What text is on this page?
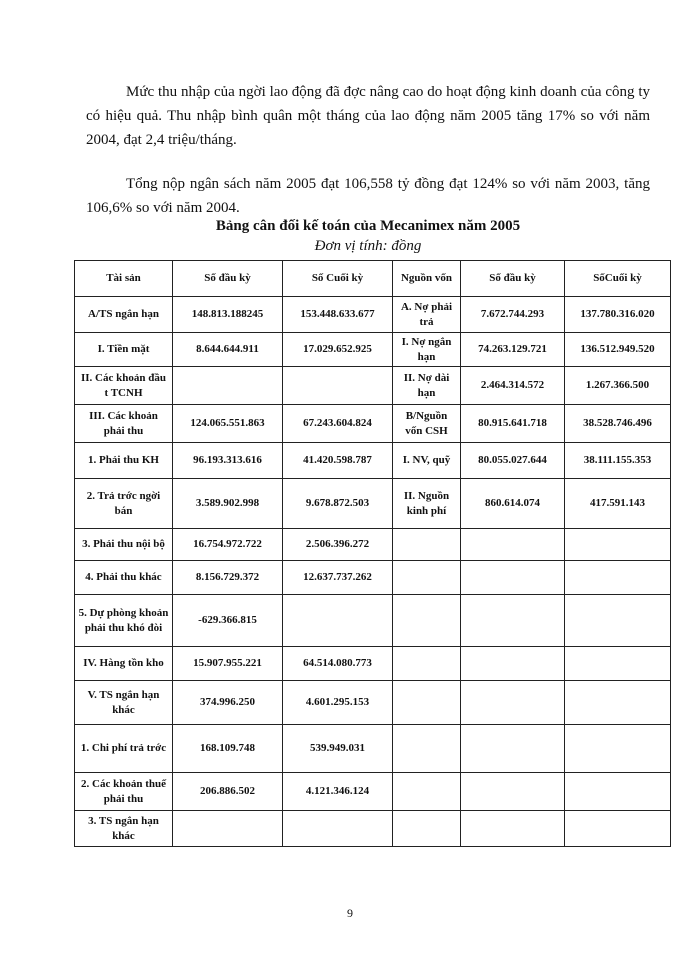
Mức thu nhập của ngời lao động đã đợc nâng cao do hoạt động kinh doanh của công ty có hiệu quả. Thu nhập bình quân một tháng của lao động năm 2005 tăng 17% so với năm 2004, đạt 2,4 triệu/tháng.

Tổng nộp ngân sách năm 2005 đạt 106,558 tỷ đồng đạt 124% so với năm 2003, tăng 106,6% so với năm 2004.

Bảng cân đối kế toán của Mecanimex năm 2005

Đơn vị tính: đồng

Tài sản	Số đầu kỳ	Số Cuối kỳ	Nguồn vốn	Số đầu kỳ	SốCuối kỳ
A/TS ngắn hạn	148.813.188245	153.448.633.677	A. Nợ phải trả	7.672.744.293	137.780.316.020
I. Tiền mặt	8.644.644.911	17.029.652.925	I. Nợ ngắn hạn	74.263.129.721	136.512.949.520
II. Các khoản đầu t TCNH			II. Nợ dài hạn	2.464.314.572	1.267.366.500
III. Các khoản phải thu	124.065.551.863	67.243.604.824	B/Nguồn vốn CSH	80.915.641.718	38.528.746.496
1. Phải thu KH	96.193.313.616	41.420.598.787	I. NV, quỹ	80.055.027.644	38.111.155.353
2. Trả trớc ngời bán	3.589.902.998	9.678.872.503	II. Nguồn kinh phí	860.614.074	417.591.143
3. Phải thu nội bộ	16.754.972.722	2.506.396.272			
4. Phải thu khác	8.156.729.372	12.637.737.262			
5. Dự phòng khoản phải thu khó đòi	-629.366.815				
IV. Hàng tồn kho	15.907.955.221	64.514.080.773			
V. TS ngắn hạn khác	374.996.250	4.601.295.153			
1. Chi phí trả trớc	168.109.748	539.949.031			
2. Các khoản thuế phải thu	206.886.502	4.121.346.124			
3. TS ngắn hạn khác					

9
